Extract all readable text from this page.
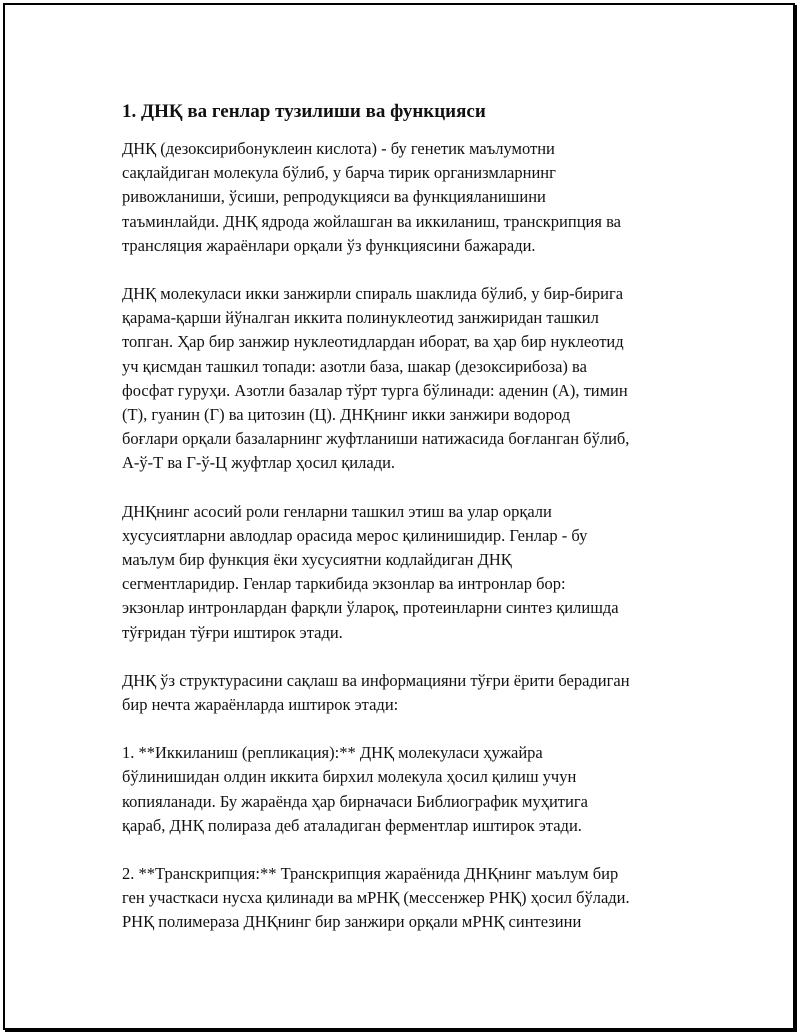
1. ДНҚ ва генлар тузилиши ва функцияси
ДНҚ (дезоксирибонуклеин кислота) - бу генетик маълумотни
сақлайдиган молекула бўлиб, у барча тирик организмларнинг
ривожланиши, ўсиши, репродукцияси ва функцияланишини
таъминлайди. ДНҚ ядрода жойлашган ва иккиланиш, транскрипция ва
трансляция жараёнлари орқали ўз функциясини бажаради.
ДНҚ молекуласи икки занжирли спираль шаклида бўлиб, у бир-бирига
қарама-қарши йўналган иккита полинуклеотид занжиридан ташкил
топган. Ҳар бир занжир нуклеотидлардан иборат, ва ҳар бир нуклеотид
уч қисмдан ташкил топади: азотли база, шакар (дезоксирибоза) ва
фосфат гуруҳи. Азотли базалар тўрт турга бўлинади: аденин (А), тимин
(Т), гуанин (Г) ва цитозин (Ц). ДНҚнинг икки занжири водород
боғлари орқали базаларнинг жуфтланиши натижасида боғланган бўлиб,
А-ў-Т ва Г-ў-Ц жуфтлар ҳосил қилади.
ДНҚнинг асосий роли генларни ташкил этиш ва улар орқали
хусусиятларни авлодлар орасида мерос қилинишидир. Генлар - бу
маълум бир функция ёки хусусиятни кодлайдиган ДНҚ
сегментларидир. Генлар таркибида экзонлар ва интронлар бор:
экзонлар интронлардан фарқли ўлароқ, протеинларни синтез қилишда
тўғридан тўғри иштирок этади.
ДНҚ ўз структурасини сақлаш ва информацияни тўғри ёрити берадиган
бир нечта жараёнларда иштирок этади:
1. **Иккиланиш (репликация):** ДНҚ молекуласи ҳужайра
бўлинишидан олдин иккита бирхил молекула ҳосил қилиш учун
копияланади. Бу жараёнда ҳар бирначаси Библиографик муҳитига
қараб, ДНҚ полираза деб аталадиган ферментлар иштирок этади.
2. **Транскрипция:** Транскрипция жараёнида ДНҚнинг маълум бир
ген участкаси нусха қилинади ва мРНҚ (мессенжер РНҚ) ҳосил бўлади.
РНҚ полимераза ДНҚнинг бир занжири орқали мРНҚ синтезини
